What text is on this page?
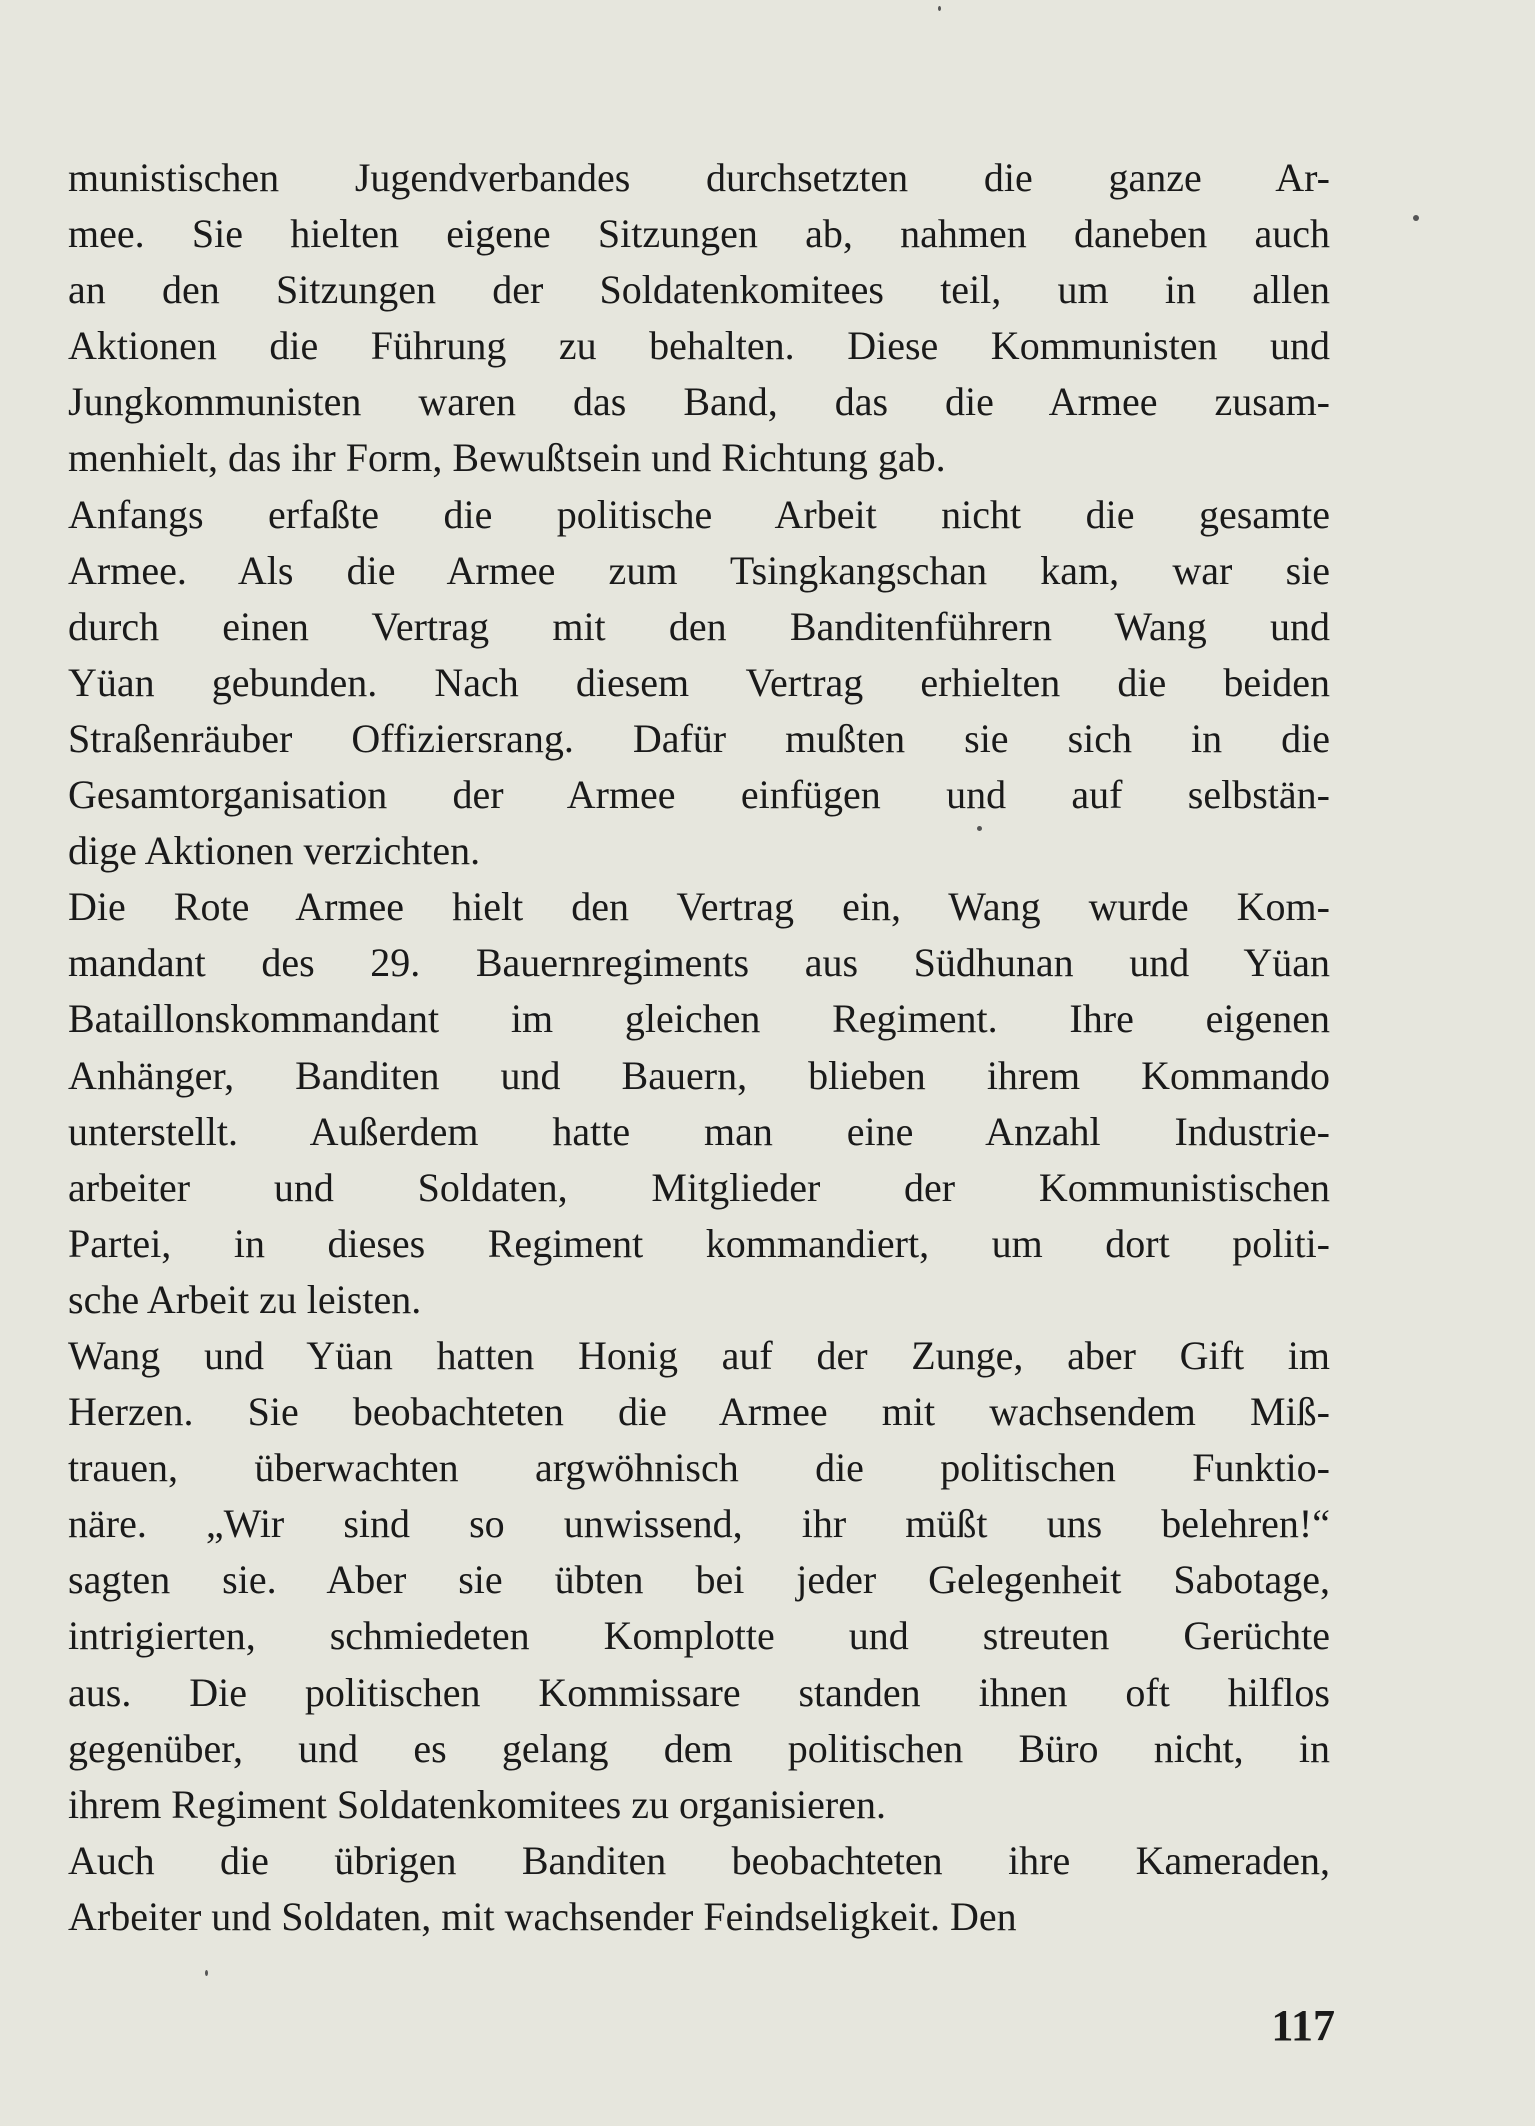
munistischen Jugendverbandes durchsetzten die ganze Ar-
mee. Sie hielten eigene Sitzungen ab, nahmen daneben auch
an den Sitzungen der Soldatenkomitees teil, um in allen
Aktionen die Führung zu behalten. Diese Kommunisten und
Jungkommunisten waren das Band, das die Armee zusam-
menhielt, das ihr Form, Bewußtsein und Richtung gab.
Anfangs erfaßte die politische Arbeit nicht die gesamte
Armee. Als die Armee zum Tsingkangschan kam, war sie
durch einen Vertrag mit den Banditenführern Wang und
Yüan gebunden. Nach diesem Vertrag erhielten die beiden
Straßenräuber Offiziersrang. Dafür mußten sie sich in die
Gesamtorganisation der Armee einfügen und auf selbstän-
dige Aktionen verzichten.
Die Rote Armee hielt den Vertrag ein, Wang wurde Kom-
mandant des 29. Bauernregiments aus Südhunan und Yüan
Bataillonskommandant im gleichen Regiment. Ihre eigenen
Anhänger, Banditen und Bauern, blieben ihrem Kommando
unterstellt. Außerdem hatte man eine Anzahl Industrie-
arbeiter und Soldaten, Mitglieder der Kommunistischen
Partei, in dieses Regiment kommandiert, um dort politi-
sche Arbeit zu leisten.
Wang und Yüan hatten Honig auf der Zunge, aber Gift im
Herzen. Sie beobachteten die Armee mit wachsendem Miß-
trauen, überwachten argwöhnisch die politischen Funktio-
näre. „Wir sind so unwissend, ihr müßt uns belehren!“
sagten sie. Aber sie übten bei jeder Gelegenheit Sabotage,
intrigierten, schmiedeten Komplotte und streuten Gerüchte
aus. Die politischen Kommissare standen ihnen oft hilflos
gegenüber, und es gelang dem politischen Büro nicht, in
ihrem Regiment Soldatenkomitees zu organisieren.
Auch die übrigen Banditen beobachteten ihre Kameraden,
Arbeiter und Soldaten, mit wachsender Feindseligkeit. Den
117
